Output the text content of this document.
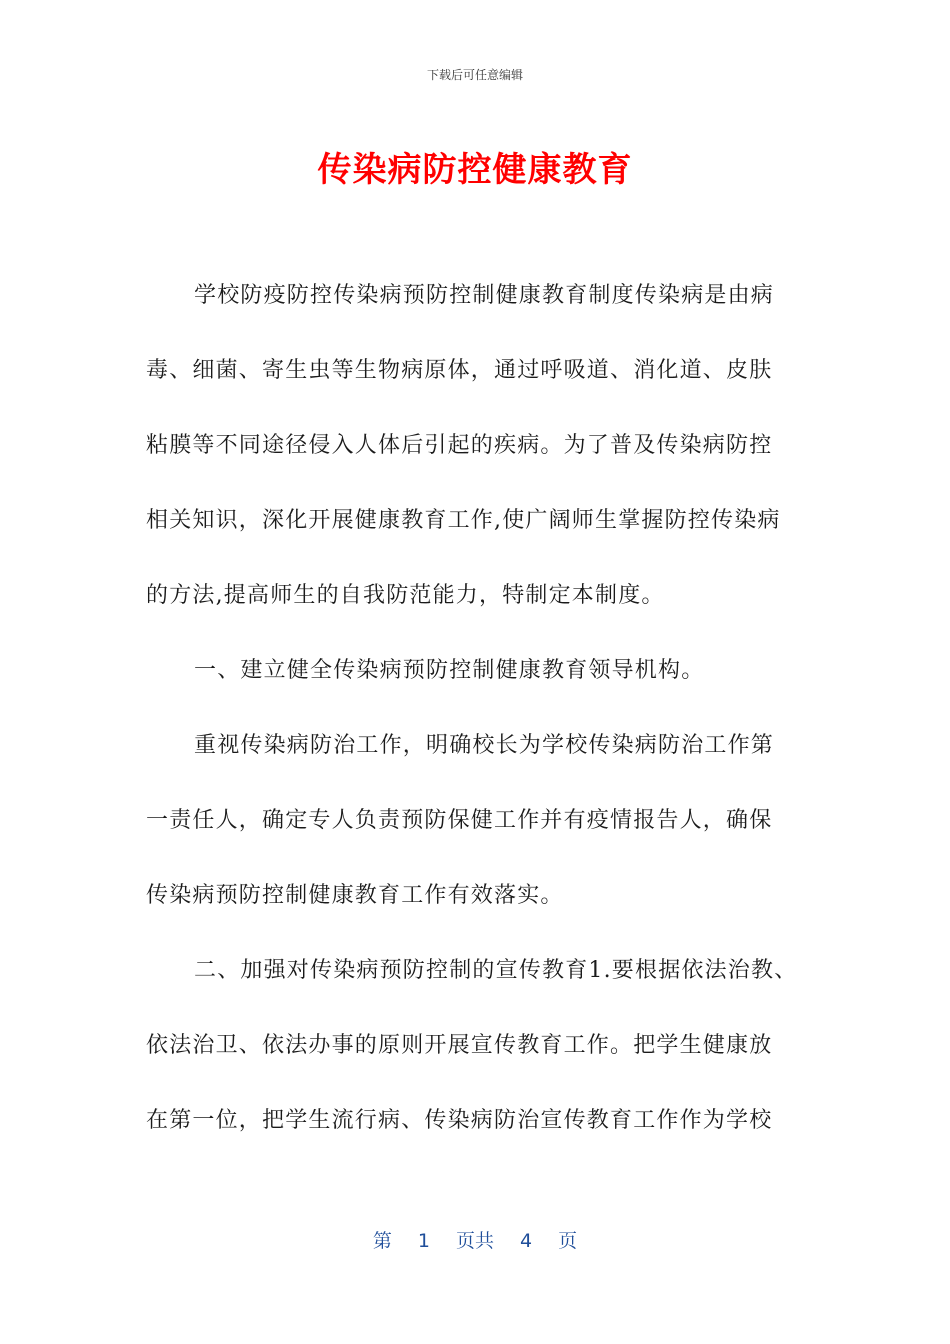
下载后可任意编辑
传染病防控健康教育
学校防疫防控传染病预防控制健康教育制度传染病是由病
毒、细菌、寄生虫等生物病原体，通过呼吸道、消化道、皮肤
粘膜等不同途径侵入人体后引起的疾病。为了普及传染病防控
相关知识，深化开展健康教育工作,使广阔师生掌握防控传染病
的方法,提高师生的自我防范能力，特制定本制度。
一、建立健全传染病预防控制健康教育领导机构。
重视传染病防治工作，明确校长为学校传染病防治工作第
一责任人，确定专人负责预防保健工作并有疫情报告人，确保
传染病预防控制健康教育工作有效落实。
二、加强对传染病预防控制的宣传教育1.要根据依法治教、
依法治卫、依法办事的原则开展宣传教育工作。把学生健康放
在第一位，把学生流行病、传染病防治宣传教育工作作为学校
第 1 页共 4 页
